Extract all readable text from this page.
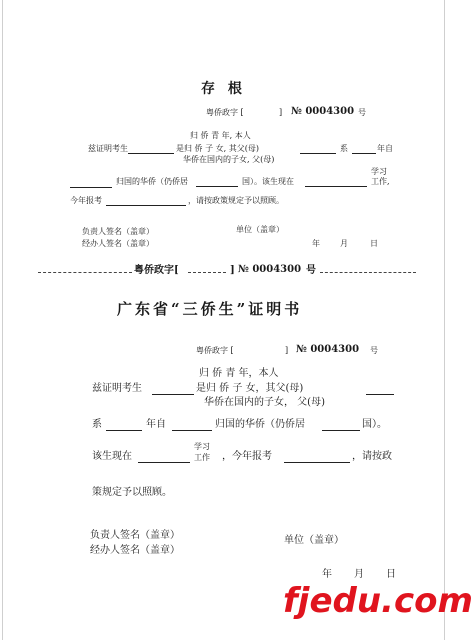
存 根
粤侨政字 [	] № 0004300 号
归 侨 青 年, 本人
兹证明考生	是归 侨 子 女, 其父(母)	系	年自
华侨在国内的子女, 父(母)
归国的华侨（仍侨居	国）。该生现在
学习
工作,
今年报考	，请按政策规定予以照顾。
负责人签名（盖章）	单位（盖章）
经办人签名（盖章）	年	月	日
粤侨政字[	] № 0004300 号
广东省“三侨生”证明书
粤侨政字 [	] № 0004300 号
归 侨 青 年，本人
兹证明考生	是归 侨 子 女，其父(母)
华侨在国内的子女， 父(母)
系	年自	归国的华侨（仍侨居	国）。
该生现在
学习
工作 ，今年报考	，请按政
策规定予以照顾。
负责人签名（盖章）	单位（盖章）
经办人签名（盖章）
年 月 日
fjedu.com
